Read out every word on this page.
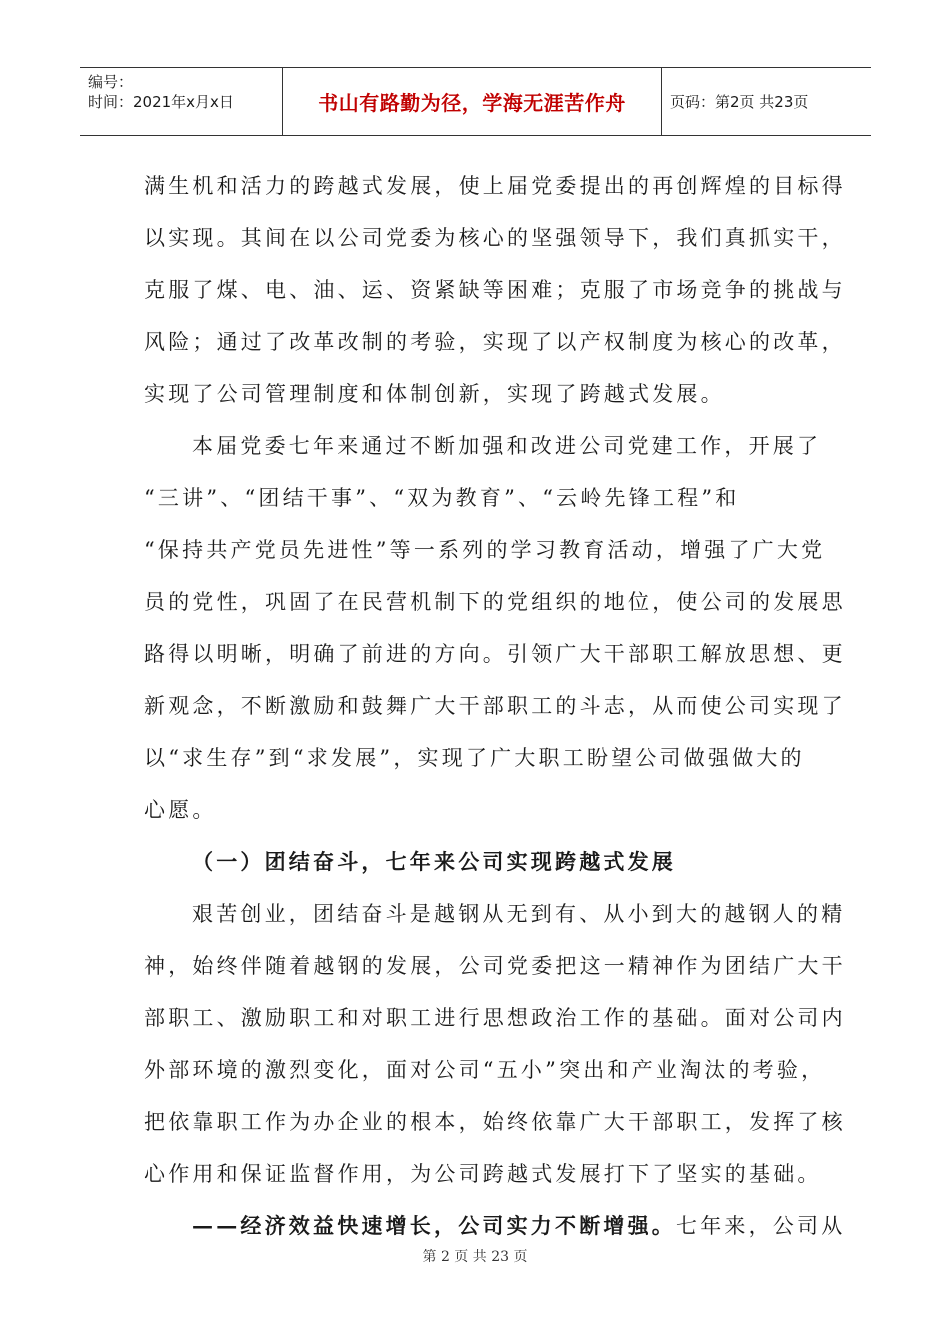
编号：
时间：2021年x月x日	书山有路勤为径，学海无涯苦作舟	页码：第2页 共23页
满生机和活力的跨越式发展，使上届党委提出的再创辉煌的目标得
以实现。其间在以公司党委为核心的坚强领导下，我们真抓实干，
克服了煤、电、油、运、资紧缺等困难；克服了市场竞争的挑战与
风险；通过了改革改制的考验，实现了以产权制度为核心的改革，
实现了公司管理制度和体制创新，实现了跨越式发展。
本届党委七年来通过不断加强和改进公司党建工作，开展了
“三讲”、“团结干事”、“双为教育”、“云岭先锋工程”和
“保持共产党员先进性”等一系列的学习教育活动，增强了广大党
员的党性，巩固了在民营机制下的党组织的地位，使公司的发展思
路得以明晰，明确了前进的方向。引领广大干部职工解放思想、更
新观念，不断激励和鼓舞广大干部职工的斗志，从而使公司实现了
以“求生存”到“求发展”，实现了广大职工盼望公司做强做大的
心愿。
（一）团结奋斗，七年来公司实现跨越式发展
艰苦创业，团结奋斗是越钢从无到有、从小到大的越钢人的精
神，始终伴随着越钢的发展，公司党委把这一精神作为团结广大干
部职工、激励职工和对职工进行思想政治工作的基础。面对公司内
外部环境的激烈变化，面对公司“五小”突出和产业淘汰的考验，
把依靠职工作为办企业的根本，始终依靠广大干部职工，发挥了核
心作用和保证监督作用，为公司跨越式发展打下了坚实的基础。
——经济效益快速增长，公司实力不断增强。七年来，公司从
第 2 页 共 23 页
